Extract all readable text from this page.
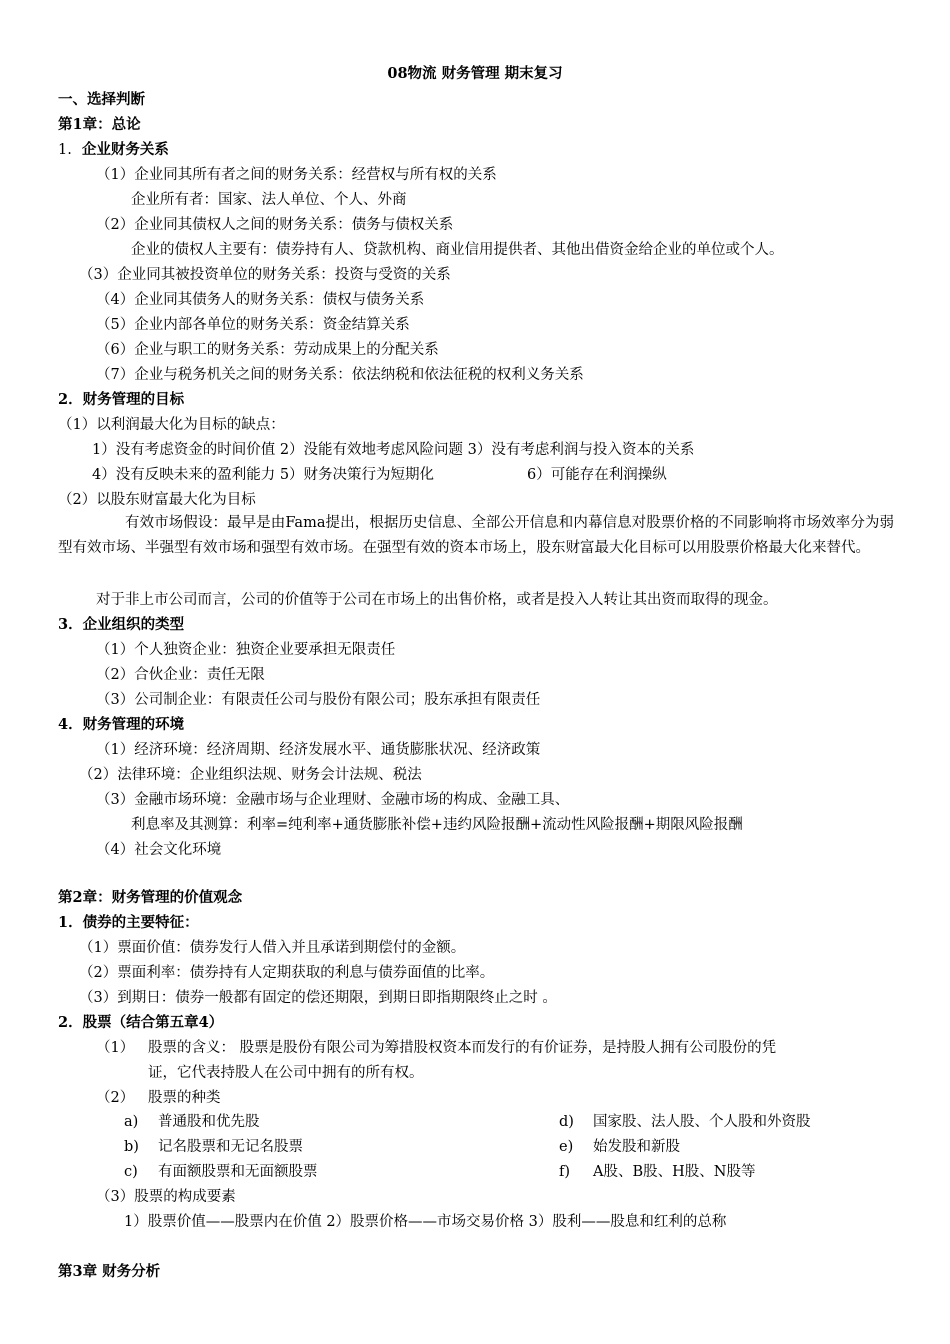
08物流 财务管理 期末复习
一、选择判断
第1章：总论
1. 企业财务关系
（1）企业同其所有者之间的财务关系：经营权与所有权的关系
企业所有者：国家、法人单位、个人、外商
（2）企业同其债权人之间的财务关系：债务与债权关系
企业的债权人主要有：债券持有人、贷款机构、商业信用提供者、其他出借资金给企业的单位或个人。
（3）企业同其被投资单位的财务关系：投资与受资的关系
（4）企业同其债务人的财务关系：债权与债务关系
（5）企业内部各单位的财务关系：资金结算关系
（6）企业与职工的财务关系：劳动成果上的分配关系
（7）企业与税务机关之间的财务关系：依法纳税和依法征税的权利义务关系
2．财务管理的目标
（1）以利润最大化为目标的缺点：
1）没有考虑资金的时间价值 2）没能有效地考虑风险问题 3）没有考虑利润与投入资本的关系
4）没有反映未来的盈利能力 5）财务决策行为短期化	6）可能存在利润操纵
（2）以股东财富最大化为目标
有效市场假设：最早是由Fama提出，根据历史信息、全部公开信息和内幕信息对股票价格的不同影响将市场效率分为弱型有效市场、半强型有效市场和强型有效市场。在强型有效的资本市场上，股东财富最大化目标可以用股票价格最大化来替代。
对于非上市公司而言，公司的价值等于公司在市场上的出售价格，或者是投入人转让其出资而取得的现金。
3．企业组织的类型
（1）个人独资企业：独资企业要承担无限责任
（2）合伙企业：责任无限
（3）公司制企业：有限责任公司与股份有限公司；股东承担有限责任
4．财务管理的环境
（1）经济环境：经济周期、经济发展水平、通货膨胀状况、经济政策
（2）法律环境：企业组织法规、财务会计法规、税法
（3）金融市场环境：金融市场与企业理财、金融市场的构成、金融工具、
利息率及其测算：利率=纯利率+通货膨胀补偿+违约风险报酬+流动性风险报酬+期限风险报酬
（4）社会文化环境
第2章：财务管理的价值观念
1．债券的主要特征：
（1）票面价值：债券发行人借入并且承诺到期偿付的金额。
（2）票面利率：债券持有人定期获取的利息与债券面值的比率。
（3）到期日：债券一般都有固定的偿还期限，到期日即指期限终止之时 。
2．股票（结合第五章4）
（1） 股票的含义： 股票是股份有限公司为筹措股权资本而发行的有价证券，是持股人拥有公司股份的凭
证，它代表持股人在公司中拥有的所有权。
（2） 股票的种类
a) 普通股和优先股
b) 记名股票和无记名股票
c) 有面额股票和无面额股票
d) 国家股、法人股、个人股和外资股
e) 始发股和新股
f) A股、B股、H股、N股等
（3）股票的构成要素
1）股票价值——股票内在价值 2）股票价格——市场交易价格 3）股利——股息和红利的总称
第3章 财务分析
